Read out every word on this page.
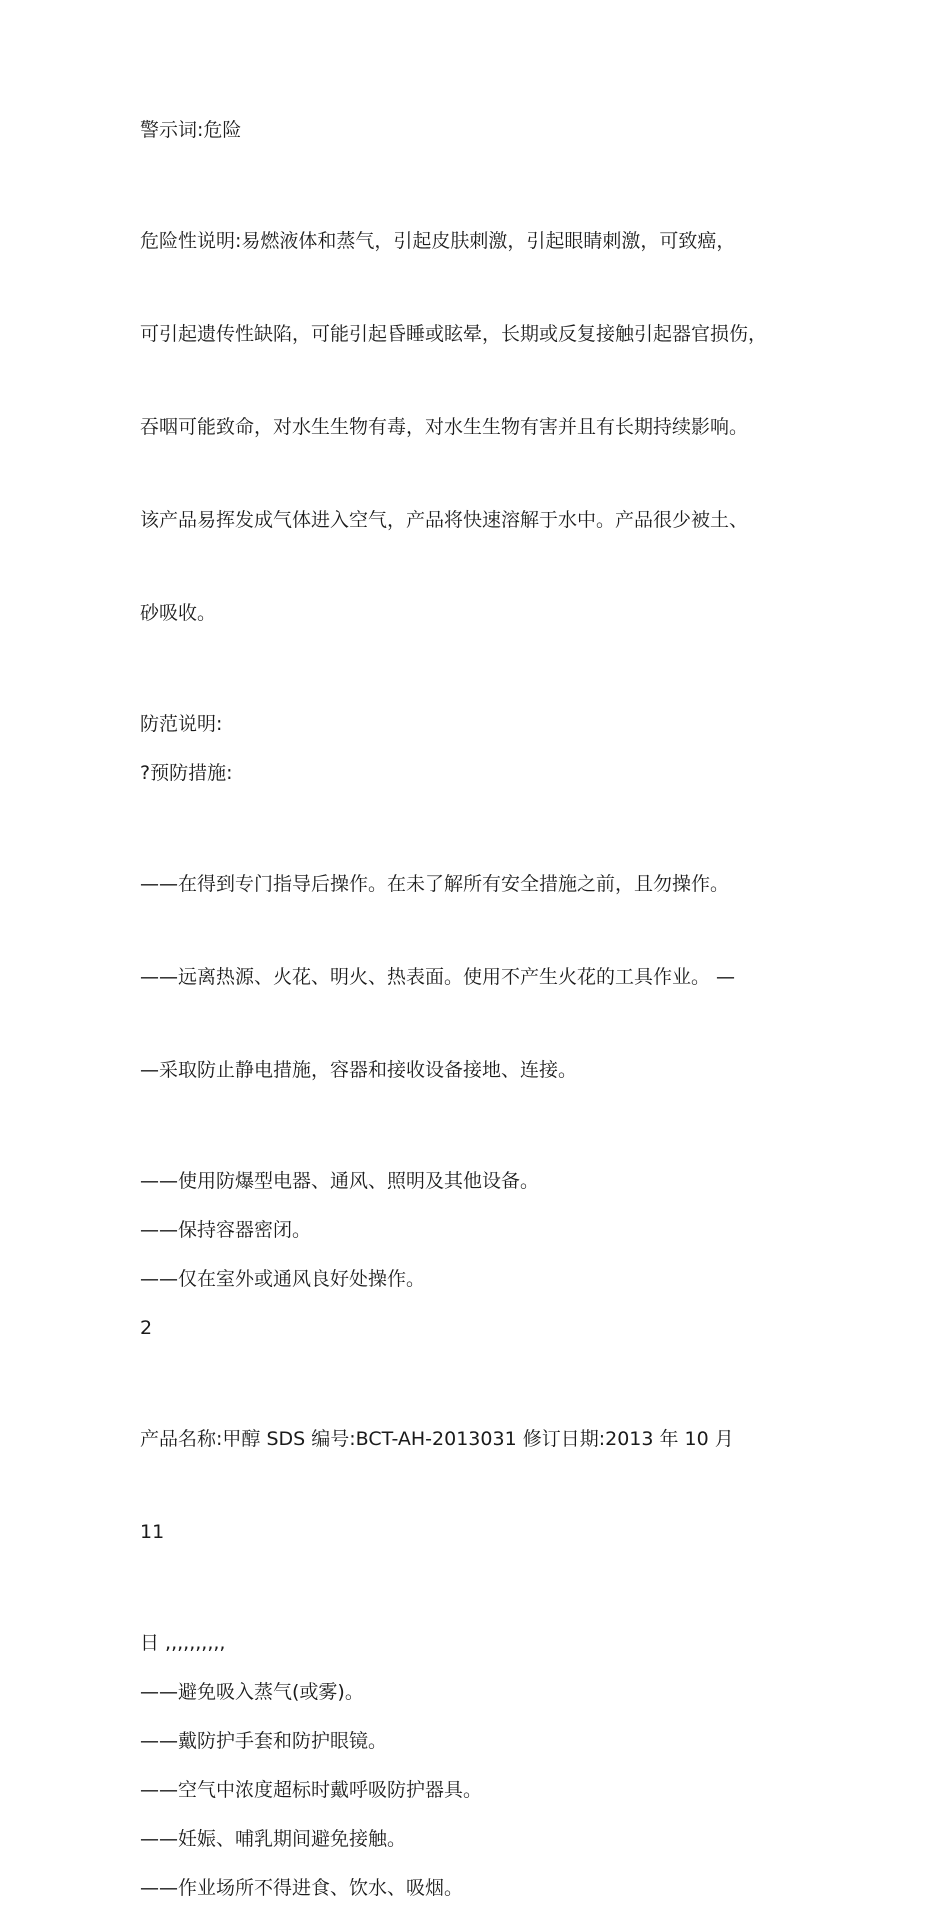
警示词:危险

危险性说明:易燃液体和蒸气，引起皮肤刺激，引起眼睛刺激，可致癌，

可引起遗传性缺陷，可能引起昏睡或眩晕，长期或反复接触引起器官损伤，

吞咽可能致命，对水生生物有毒，对水生生物有害并且有长期持续影响。

该产品易挥发成气体进入空气，产品将快速溶解于水中。产品很少被土、

砂吸收。

防范说明:

?预防措施:

——在得到专门指导后操作。在未了解所有安全措施之前，且勿操作。

——远离热源、火花、明火、热表面。使用不产生火花的工具作业。 —

—采取防止静电措施，容器和接收设备接地、连接。

——使用防爆型电器、通风、照明及其他设备。

——保持容器密闭。

——仅在室外或通风良好处操作。

2

产品名称:甲醇 SDS 编号:BCT-AH-2013031 修订日期:2013 年 10 月

11

日 ,,,,,,,,,,

——避免吸入蒸气(或雾)。

——戴防护手套和防护眼镜。

——空气中浓度超标时戴呼吸防护器具。

——妊娠、哺乳期间避免接触。

——作业场所不得进食、饮水、吸烟。
